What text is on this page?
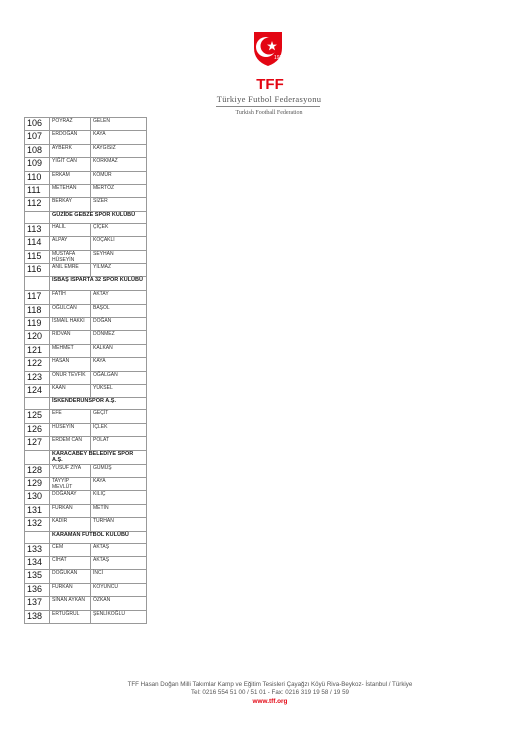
1923
TFF
Türkiye Futbol Federasyonu
Turkish Football Federation
106	POYRAZ	GELEN
107	ERDOĞAN	KAYA
108	AYBERK	KAYGISIZ
109	YİĞİT CAN	KORKMAZ
110	ERKAM	KÖMÜR
111	METEHAN	MERTÖZ
112	BERKAY	SİZER
	GÜZİDE GEBZE SPOR KULÜBÜ	
113	HALİL	ÇİÇEK
114	ALPAY	KOÇAKLI
115	MUSTAFA HÜSEYİN	SEYHAN
116	ANIL EMRE	YILMAZ
	ISBAŞ ISPARTA 32 SPOR KULÜBÜ	
117	FATİH	AKTAY
118	OĞULCAN	BAŞOL
119	İSMAİL HAKKI	DOĞAN
120	RIDVAN	DÖNMEZ
121	MEHMET	KALKAN
122	HASAN	KAYA
123	ONUR TEVFİK	OĞALGAN
124	KAAN	YÜKSEL
	İSKENDERUNSPOR A.Ş.	
125	EFE	GEÇİT
126	HÜSEYİN	İÇLEK
127	ERDEM CAN	POLAT
	KARACABEY BELEDİYE SPOR A.Ş.	
128	YUSUF ZİYA	GÜMÜŞ
129	TAYYİP MEVLÜT	KAYA
130	DOĞANAY	KILIÇ
131	FURKAN	METİN
132	KADİR	TURHAN
	KARAMAN FUTBOL KULÜBÜ	
133	CEM	AKTAŞ
134	CİHAT	AKTAŞ
135	DOĞUKAN	İNCİ
136	FURKAN	KOYUNCU
137	SİNAN AYKAN	ÖZKAN
138	ERTUĞRUL	ŞENLİKOĞLU
TFF Hasan Doğan Milli Takımlar Kamp ve Eğitim Tesisleri Çayağzı Köyü Riva-Beykoz- İstanbul / Türkiye
Tel: 0216 554 51 00 / 51 01 - Fax: 0216 319 19 58 / 19 59
www.tff.org
